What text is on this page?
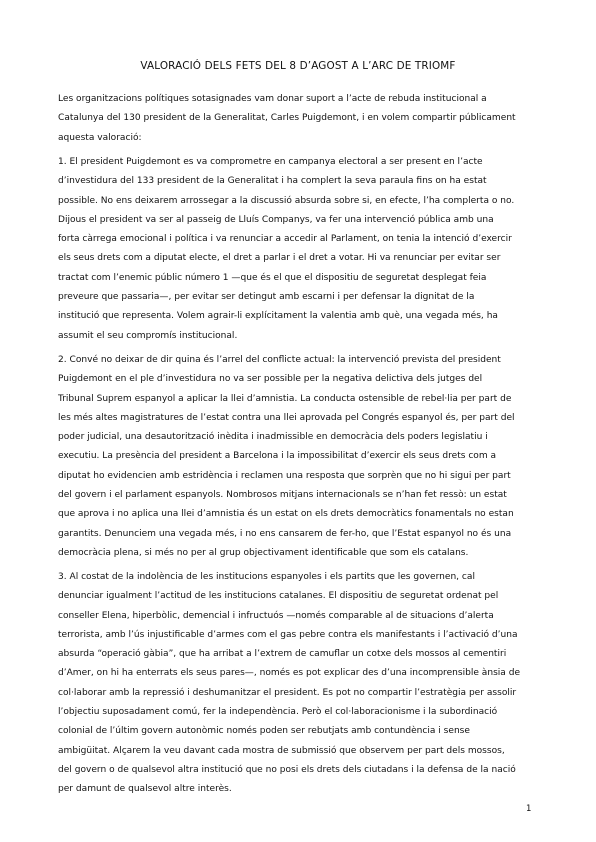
VALORACIÓ DELS FETS DEL 8 D’AGOST A L’ARC DE TRIOMF
Les organitzacions polítiques sotasignades vam donar suport a l’acte de rebuda institucional a
Catalunya del 130 president de la Generalitat, Carles Puigdemont, i en volem compartir públicament
aquesta valoració:
1. El president Puigdemont es va comprometre en campanya electoral a ser present en l’acte
d’investidura del 133 president de la Generalitat i ha complert la seva paraula fins on ha estat
possible. No ens deixarem arrossegar a la discussió absurda sobre si, en efecte, l’ha complerta o no.
Dijous el president va ser al passeig de Lluís Companys, va fer una intervenció pública amb una
forta càrrega emocional i política i va renunciar a accedir al Parlament, on tenia la intenció d’exercir
els seus drets com a diputat electe, el dret a parlar i el dret a votar. Hi va renunciar per evitar ser
tractat com l’enemic públic número 1 —que és el que el dispositiu de seguretat desplegat feia
preveure que passaria—, per evitar ser detingut amb escarni i per defensar la dignitat de la
institució que representa. Volem agrair-li explícitament la valentia amb què, una vegada més, ha
assumit el seu compromís institucional.
2. Convé no deixar de dir quina és l’arrel del conflicte actual: la intervenció prevista del president
Puigdemont en el ple d’investidura no va ser possible per la negativa delictiva dels jutges del
Tribunal Suprem espanyol a aplicar la llei d’amnistia. La conducta ostensible de rebel·lia per part de
les més altes magistratures de l’estat contra una llei aprovada pel Congrés espanyol és, per part del
poder judicial, una desautorització inèdita i inadmissible en democràcia dels poders legislatiu i
executiu. La presència del president a Barcelona i la impossibilitat d’exercir els seus drets com a
diputat ho evidencien amb estridència i reclamen una resposta que sorprèn que no hi sigui per part
del govern i el parlament espanyols. Nombrosos mitjans internacionals se n’han fet ressò: un estat
que aprova i no aplica una llei d’amnistia és un estat on els drets democràtics fonamentals no estan
garantits. Denunciem una vegada més, i no ens cansarem de fer-ho, que l’Estat espanyol no és una
democràcia plena, si més no per al grup objectivament identificable que som els catalans.
3. Al costat de la indolència de les institucions espanyoles i els partits que les governen, cal
denunciar igualment l’actitud de les institucions catalanes. El dispositiu de seguretat ordenat pel
conseller Elena, hiperbòlic, demencial i infructuós —només comparable al de situacions d’alerta
terrorista, amb l’ús injustificable d’armes com el gas pebre contra els manifestants i l’activació d’una
absurda “operació gàbia”, que ha arribat a l’extrem de camuflar un cotxe dels mossos al cementiri
d’Amer, on hi ha enterrats els seus pares—, només es pot explicar des d’una incomprensible ànsia de
col·laborar amb la repressió i deshumanitzar el president. Es pot no compartir l’estratègia per assolir
l’objectiu suposadament comú, fer la independència. Però el col·laboracionisme i la subordinació
colonial de l’últim govern autonòmic només poden ser rebutjats amb contundència i sense
ambigüitat. Alçarem la veu davant cada mostra de submissió que observem per part dels mossos,
del govern o de qualsevol altra institució que no posi els drets dels ciutadans i la defensa de la nació
per damunt de qualsevol altre interès.
1
